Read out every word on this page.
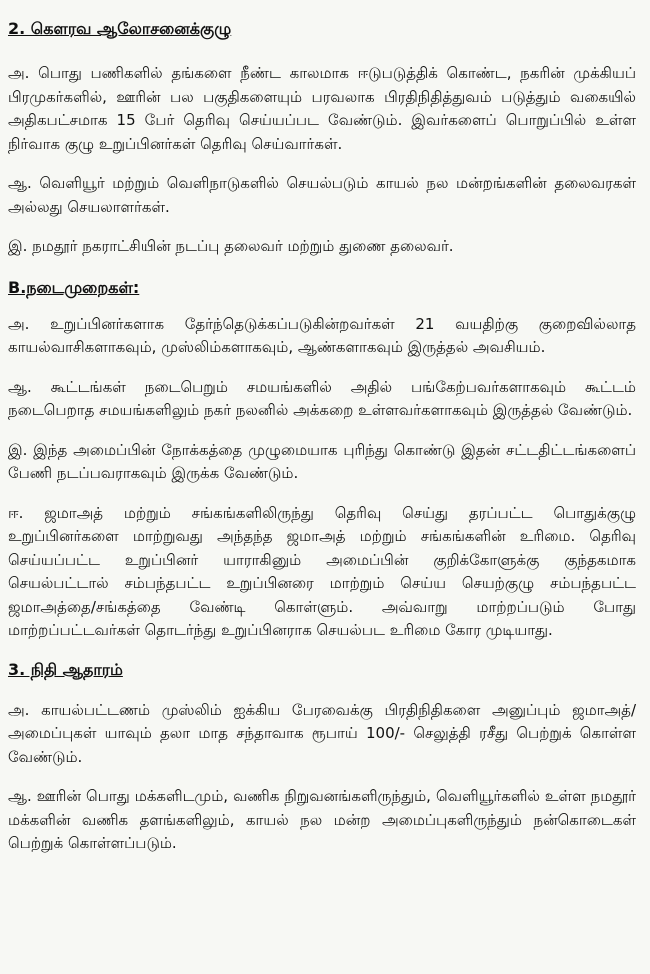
2. கௌரவ ஆலோசனைக்குழு

அ. பொது பணிகளில் தங்களை நீண்ட காலமாக ஈடுபடுத்திக் கொண்ட, நகரின் முக்கியப் பிரமுகர்களில், ஊரின் பல பகுதிகளையும் பரவலாக பிரதிநிதித்துவம் படுத்தும் வகையில் அதிகபட்சமாக 15 பேர் தெரிவு செய்யப்பட வேண்டும். இவர்களைப் பொறுப்பில் உள்ள நிர்வாக குழு உறுப்பினர்கள் தெரிவு செய்வார்கள்.

ஆ. வெளியூர் மற்றும் வெளிநாடுகளில் செயல்படும் காயல் நல மன்றங்களின் தலைவரகள் அல்லது செயலாளர்கள்.

இ. நமதூர் நகராட்சியின் நடப்பு தலைவர் மற்றும் துணை தலைவர்.

B.நடைமுறைகள்:

அ. உறுப்பினர்களாக தேர்ந்தெடுக்கப்படுகின்றவர்கள் 21 வயதிற்கு குறைவில்லாத காயல்வாசிகளாகவும், முஸ்லிம்களாகவும், ஆண்களாகவும் இருத்தல் அவசியம்.

ஆ. கூட்டங்கள் நடைபெறும் சமயங்களில் அதில் பங்கேற்பவர்களாகவும் கூட்டம் நடைபெறாத சமயங்களிலும் நகர் நலனில் அக்கறை உள்ளவர்களாகவும் இருத்தல் வேண்டும்.

இ. இந்த அமைப்பின் நோக்கத்தை முழுமையாக புரிந்து கொண்டு இதன் சட்டதிட்டங்களைப் பேணி நடப்பவராகவும் இருக்க வேண்டும்.

ஈ. ஜமாஅத் மற்றும் சங்கங்களிலிருந்து தெரிவு செய்து தரப்பட்ட பொதுக்குழு உறுப்பினர்களை மாற்றுவது அந்தந்த ஜமாஅத் மற்றும் சங்கங்களின் உரிமை. தெரிவு செய்யப்பட்ட உறுப்பினர் யாராகினும் அமைப்பின் குறிக்கோளுக்கு குந்தகமாக செயல்பட்டால் சம்பந்தபட்ட உறுப்பினரை மாற்றும் செய்ய செயற்குழு சம்பந்தபட்ட ஜமாஅத்தை/சங்கத்தை வேண்டி கொள்ளும். அவ்வாறு மாற்றப்படும் போது மாற்றப்பட்டவர்கள் தொடர்ந்து உறுப்பினராக செயல்பட உரிமை கோர முடியாது.

3. நிதி ஆதாரம்

அ. காயல்பட்டணம் முஸ்லிம் ஐக்கிய பேரவைக்கு பிரதிநிதிகளை அனுப்பும் ஜமாஅத்/அமைப்புகள் யாவும் தலா மாத சந்தாவாக ரூபாய் 100/- செலுத்தி ரசீது பெற்றுக் கொள்ள வேண்டும்.

ஆ. ஊரின் பொது மக்களிடமும், வணிக நிறுவனங்களிருந்தும், வெளியூர்களில் உள்ள நமதூர் மக்களின் வணிக தளங்களிலும், காயல் நல மன்ற அமைப்புகளிருந்தும் நன்கொடைகள் பெற்றுக் கொள்ளப்படும்.
